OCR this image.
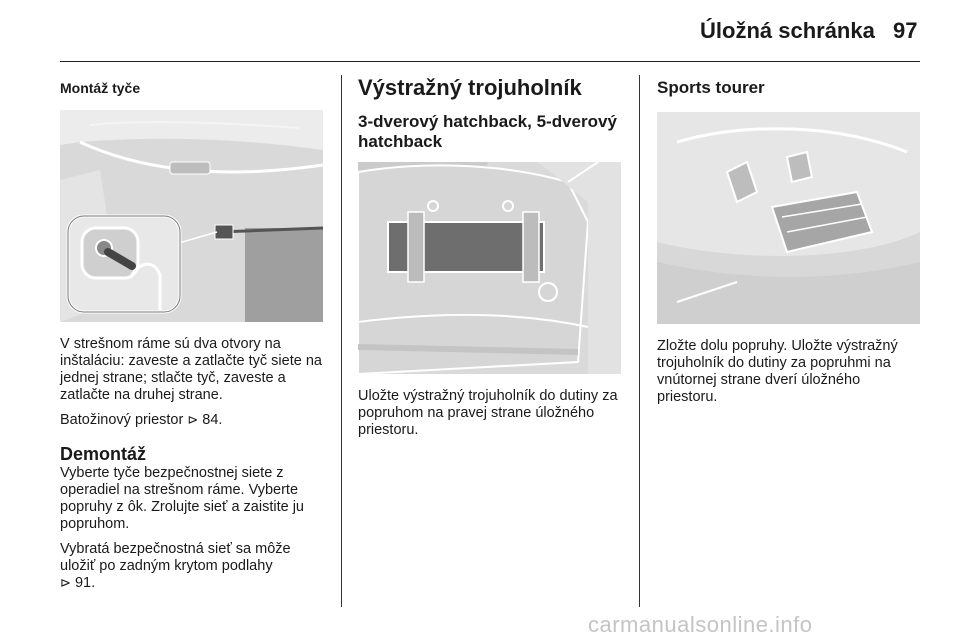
Úložná schránka 97
Montáž tyče

V strešnom ráme sú dva otvory na inštaláciu: zaveste a zatlačte tyč siete na jednej strane; stlačte tyč, zaveste a zatlačte na druhej strane.

Batožinový priestor ⊳ 84.

Demontáž

Vyberte tyče bezpečnostnej siete z operadiel na strešnom ráme. Vyberte popruhy z ôk. Zrolujte sieť a zaistite ju popruhom.

Vybratá bezpečnostná sieť sa môže uložiť po zadným krytom podlahy
⊳ 91.

Výstražný trojuholník
3-dverový hatchback, 5-dverový hatchback

Uložte výstražný trojuholník do dutiny za popruhom na pravej strane úložného priestoru.

Sports tourer

Zložte dolu popruhy. Uložte výstražný trojuholník do dutiny za popruhmi na vnútornej strane dverí úložného priestoru.

carmanualsonline.info
